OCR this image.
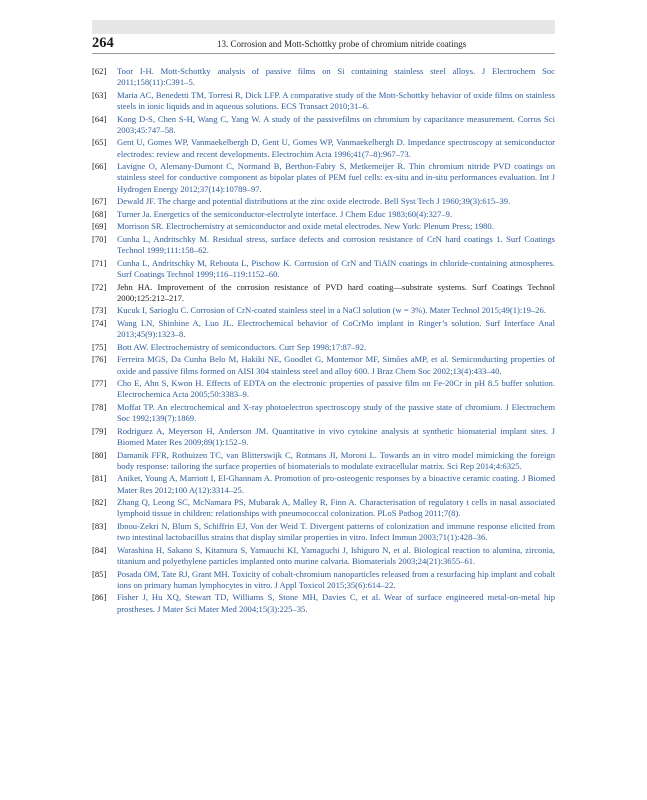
264	13. Corrosion and Mott-Schottky probe of chromium nitride coatings
[62]	Toor I-H. Mott-Schottky analysis of passive films on Si containing stainless steel alloys. J Electrochem Soc 2011;158(11):C391–5.
[63]	Maria AC, Benedetti TM, Torresi R, Dick LFP. A comparative study of the Mott-Schottky behavior of oxide films on stainless steels in ionic liquids and in aqueous solutions. ECS Transact 2010;31–6.
[64]	Kong D-S, Chen S-H, Wang C, Yang W. A study of the passivefilms on chromium by capacitance measurement. Corros Sci 2003;45:747–58.
[65]	Gent U, Gomes WP, Vanmaekelbergh D, Gent U, Gomes WP, Vanmaekelbergh D. Impedance spectroscopy at semiconductor electrodes: review and recent developments. Electrochim Acta 1996;41(7–8):967–73.
[66]	Lavigne O, Alemany-Dumont C, Normand B, Berthon-Fabry S, Metkemeijer R. Thin chromium nitride PVD coatings on stainless steel for conductive component as bipolar plates of PEM fuel cells: ex-situ and in-situ performances evaluation. Int J Hydrogen Energy 2012;37(14):10789–97.
[67]	Dewald JF. The charge and potential distributions at the zinc oxide electrode. Bell Syst Tech J 1960;39(3):615–39.
[68]	Turner Ja. Energetics of the semiconductor-electrolyte interface. J Chem Educ 1983;60(4):327–9.
[69]	Morrison SR. Electrochemistry at semiconductor and oxide metal electrodes. New York: Plenum Press; 1980.
[70]	Cunha L, Andritschky M. Residual stress, surface defects and corrosion resistance of CrN hard coatings 1. Surf Coatings Technol 1999;111:158–62.
[71]	Cunha L, Andritschky M, Rebouta L, Pischow K. Corrosion of CrN and TiAlN coatings in chloride-containing atmospheres. Surf Coatings Technol 1999;116–119:1152–60.
[72]	Jehn HA. Improvement of the corrosion resistance of PVD hard coating—substrate systems. Surf Coatings Technol 2000;125:212–217.
[73]	Kucuk I, Sarioglu C. Corrosion of CrN-coated stainless steel in a NaCl solution (w = 3%). Mater Technol 2015;49(1):19–26.
[74]	Wang LN, Shinbine A, Luo JL. Electrochemical behavior of CoCrMo implant in Ringer’s solution. Surf Interface Anal 2013;45(9):1323–8.
[75]	Bott AW. Electrochemistry of semiconductors. Curr Sep 1998;17:87–92.
[76]	Ferreira MGS, Da Cunha Belo M, Hakiki NE, Goodlet G, Montemor MF, Simões aMP, et al. Semiconducting properties of oxide and passive films formed on AISI 304 stainless steel and alloy 600. J Braz Chem Soc 2002;13(4):433–40.
[77]	Cho E, Ahn S, Kwon H. Effects of EDTA on the electronic properties of passive film on Fe-20Cr in pH 8.5 buffer solution. Electrochemica Acta 2005;50:3383–9.
[78]	Moffat TP. An electrochemical and X-ray photoelectron spectroscopy study of the passive state of chromium. J Electrochem Soc 1992;139(7):1869.
[79]	Rodriguez A, Meyerson H, Anderson JM. Quantitative in vivo cytokine analysis at synthetic biomaterial implant sites. J Biomed Mater Res 2009;89(1):152–9.
[80]	Damanik FFR, Rothuizen TC, van Blitterswijk C, Rotmans JI, Moroni L. Towards an in vitro model mimicking the foreign body response: tailoring the surface properties of biomaterials to modulate extracellular matrix. Sci Rep 2014;4:6325.
[81]	Aniket, Young A, Marriott I, El-Ghannam A. Promotion of pro-osteogenic responses by a bioactive ceramic coating. J Biomed Mater Res 2012;100 A(12):3314–25.
[82]	Zhang Q, Leong SC, McNamara PS, Mubarak A, Malley R, Finn A. Characterisation of regulatory t cells in nasal associated lymphoid tissue in children: relationships with pneumococcal colonization. PLoS Pathog 2011;7(8).
[83]	Ibnou-Zekri N, Blum S, Schiffrin EJ, Von der Weid T. Divergent patterns of colonization and immune response elicited from two intestinal lactobacillus strains that display similar properties in vitro. Infect Immun 2003;71(1):428–36.
[84]	Warashina H, Sakano S, Kitamura S, Yamauchi KI, Yamaguchi J, Ishiguro N, et al. Biological reaction to alumina, zirconia, titanium and polyethylene particles implanted onto murine calvaria. Biomaterials 2003;24(21):3655–61.
[85]	Posada OM, Tate RJ, Grant MH. Toxicity of cobalt-chromium nanoparticles released from a resurfacing hip implant and cobalt ions on primary human lymphocytes in vitro. J Appl Toxicol 2015;35(6):614–22.
[86]	Fisher J, Hu XQ, Stewart TD, Williams S, Stone MH, Davies C, et al. Wear of surface engineered metal-on-metal hip prostheses. J Mater Sci Mater Med 2004;15(3):225–35.
